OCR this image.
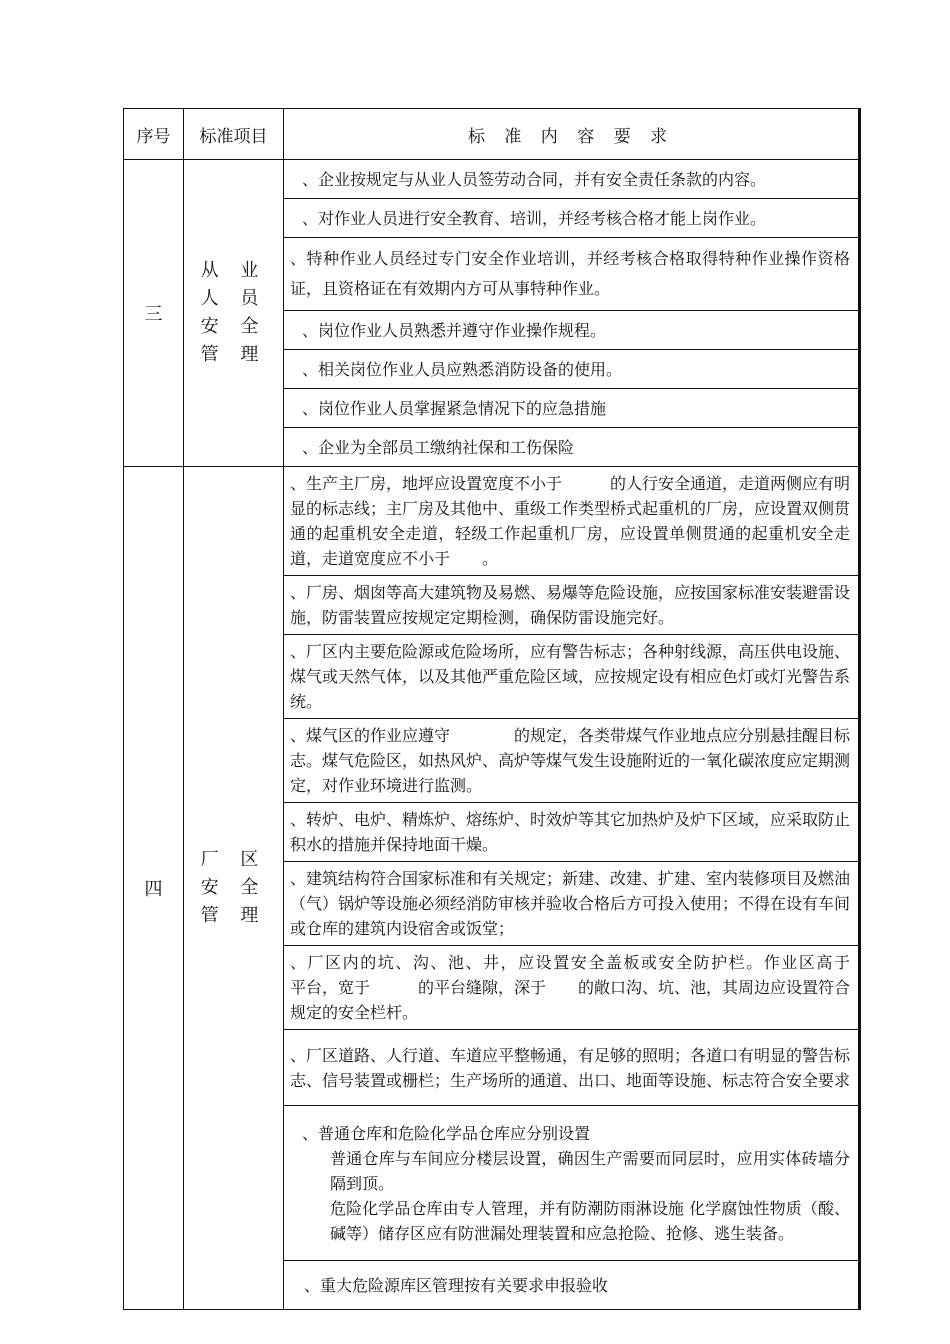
序号	标准项目	标 准 内 容 要 求
三	从 业
人 员
安 全
管 理	、企业按规定与从业人员签劳动合同，并有安全责任条款的内容。
		、对作业人员进行安全教育、培训，并经考核合格才能上岗作业。
		、特种作业人员经过专门安全作业培训，并经考核合格取得特种作业操作资格证，且资格证在有效期内方可从事特种作业。
		、岗位作业人员熟悉并遵守作业操作规程。
		、相关岗位作业人员应熟悉消防设备的使用。
		、岗位作业人员掌握紧急情况下的应急措施
		、企业为全部员工缴纳社保和工伤保险
四	厂 区
安 全
管 理	、生产主厂房，地坪应设置宽度不小于　　　的人行安全通道，走道两侧应有明显的标志线；主厂房及其他中、重级工作类型桥式起重机的厂房，应设置双侧贯通的起重机安全走道，轻级工作起重机厂房，应设置单侧贯通的起重机安全走道，走道宽度应不小于　　。
		、厂房、烟囱等高大建筑物及易燃、易爆等危险设施，应按国家标准安装避雷设施，防雷装置应按规定定期检测，确保防雷设施完好。
		、厂区内主要危险源或危险场所，应有警告标志；各种射线源，高压供电设施、煤气或天然气体，以及其他严重危险区域，应按规定设有相应色灯或灯光警告系统。
		、煤气区的作业应遵守　　　　的规定，各类带煤气作业地点应分别悬挂醒目标志。煤气危险区，如热风炉、高炉等煤气发生设施附近的一氧化碳浓度应定期测定，对作业环境进行监测。
		、转炉、电炉、精炼炉、熔练炉、时效炉等其它加热炉及炉下区域，应采取防止积水的措施并保持地面干燥。
		、建筑结构符合国家标准和有关规定；新建、改建、扩建、室内装修项目及燃油（气）锅炉等设施必须经消防审核并验收合格后方可投入使用；不得在设有车间或仓库的建筑内设宿舍或饭堂；
		、厂区内的坑、沟、池、井，应设置安全盖板或安全防护栏。作业区高于　　　平台，宽于　　　的平台缝隙，深于　　的敞口沟、坑、池，其周边应设置符合　　　　规定的安全栏杆。
		、厂区道路、人行道、车道应平整畅通，有足够的照明；各道口有明显的警告标志、信号装置或栅栏；生产场所的通道、出口、地面等设施、标志符合安全要求

		、普通仓库和危险化学品仓库应分别设置
普通仓库与车间应分楼层设置，确因生产需要而同层时，应用实体砖墙分隔到顶。
危险化学品仓库由专人管理，并有防潮防雨淋设施 化学腐蚀性物质（酸、碱等）储存区应有防泄漏处理装置和应急抢险、抢修、逃生装备。

		、重大危险源库区管理按有关要求申报验收
